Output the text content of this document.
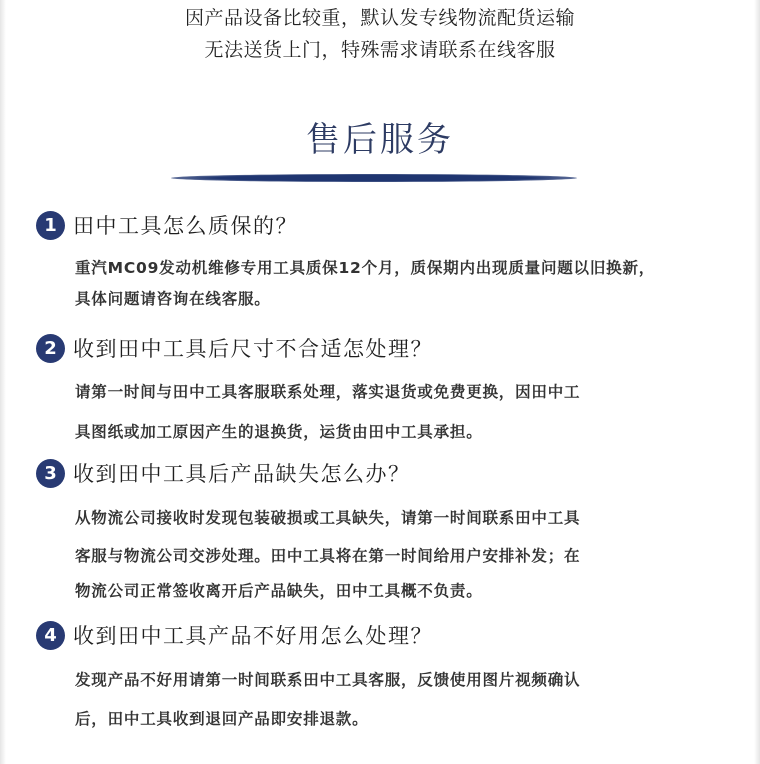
因产品设备比较重，默认发专线物流配货运输
无法送货上门，特殊需求请联系在线客服
售后服务
1 田中工具怎么质保的？
重汽MC09发动机维修专用工具质保12个月，质保期内出现质量问题以旧换新，
具体问题请咨询在线客服。
2 收到田中工具后尺寸不合适怎处理？
请第一时间与田中工具客服联系处理，落实退货或免费更换，因田中工
具图纸或加工原因产生的退换货，运货由田中工具承担。
3 收到田中工具后产品缺失怎么办？
从物流公司接收时发现包装破损或工具缺失，请第一时间联系田中工具
客服与物流公司交涉处理。田中工具将在第一时间给用户安排补发；在
物流公司正常签收离开后产品缺失，田中工具概不负责。
4 收到田中工具产品不好用怎么处理？
发现产品不好用请第一时间联系田中工具客服，反馈使用图片视频确认
后，田中工具收到退回产品即安排退款。
